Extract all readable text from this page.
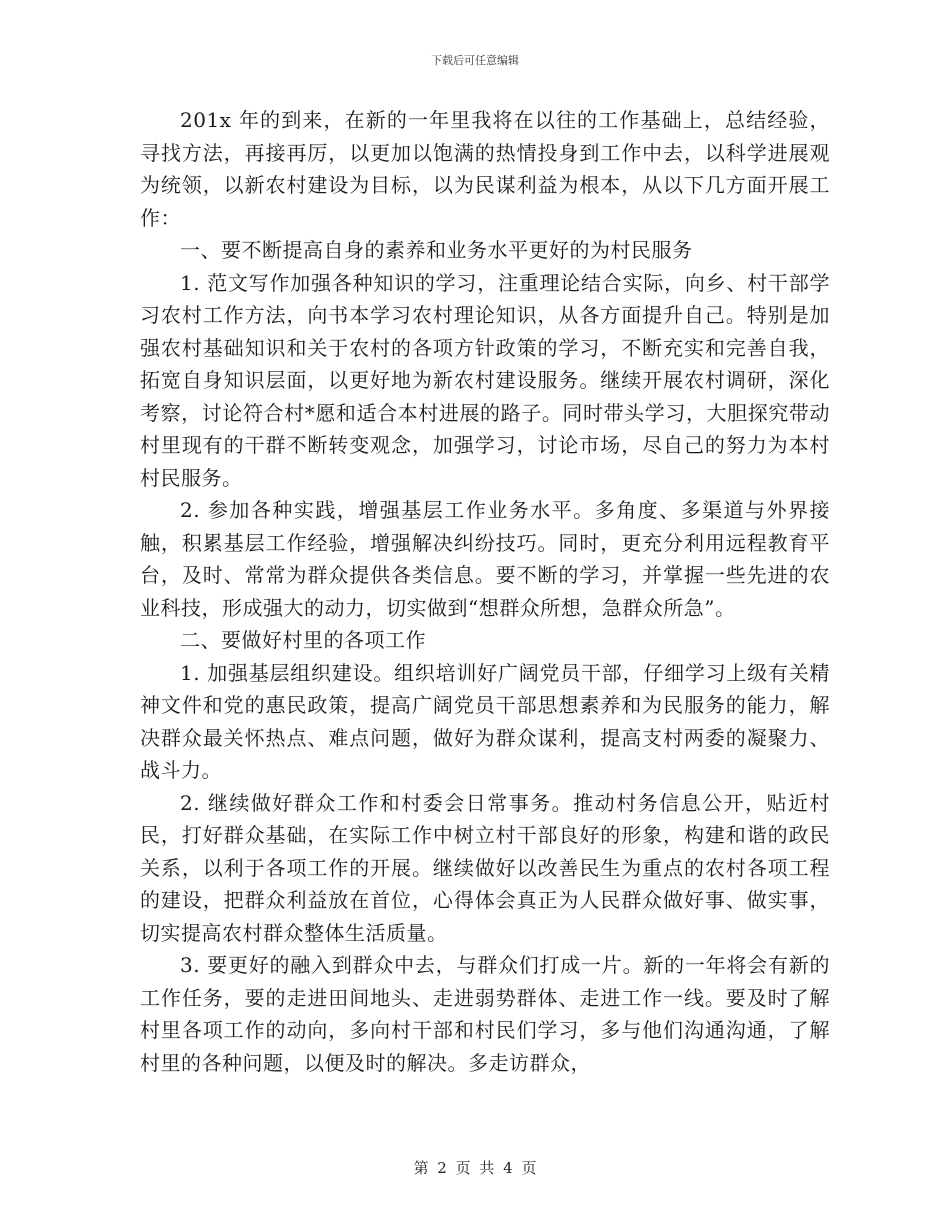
下载后可任意编辑

201x 年的到来，在新的一年里我将在以往的工作基础上，总结经验，寻找方法，再接再厉，以更加以饱满的热情投身到工作中去，以科学进展观为统领，以新农村建设为目标，以为民谋利益为根本，从以下几方面开展工作：

一、要不断提高自身的素养和业务水平更好的为村民服务

1. 范文写作加强各种知识的学习，注重理论结合实际，向乡、村干部学习农村工作方法，向书本学习农村理论知识，从各方面提升自己。特别是加强农村基础知识和关于农村的各项方针政策的学习，不断充实和完善自我，拓宽自身知识层面，以更好地为新农村建设服务。继续开展农村调研，深化考察，讨论符合村*愿和适合本村进展的路子。同时带头学习，大胆探究带动村里现有的干群不断转变观念，加强学习，讨论市场，尽自己的努力为本村村民服务。

2. 参加各种实践，增强基层工作业务水平。多角度、多渠道与外界接触，积累基层工作经验，增强解决纠纷技巧。同时，更充分利用远程教育平台，及时、常常为群众提供各类信息。要不断的学习，并掌握一些先进的农业科技，形成强大的动力，切实做到“想群众所想，急群众所急”。

二、要做好村里的各项工作

1. 加强基层组织建设。组织培训好广阔党员干部，仔细学习上级有关精神文件和党的惠民政策，提高广阔党员干部思想素养和为民服务的能力，解决群众最关怀热点、难点问题，做好为群众谋利，提高支村两委的凝聚力、战斗力。

2. 继续做好群众工作和村委会日常事务。推动村务信息公开，贴近村民，打好群众基础，在实际工作中树立村干部良好的形象，构建和谐的政民关系，以利于各项工作的开展。继续做好以改善民生为重点的农村各项工程的建设，把群众利益放在首位，心得体会真正为人民群众做好事、做实事，切实提高农村群众整体生活质量。

3. 要更好的融入到群众中去，与群众们打成一片。新的一年将会有新的工作任务，要的走进田间地头、走进弱势群体、走进工作一线。要及时了解村里各项工作的动向，多向村干部和村民们学习，多与他们沟通沟通，了解村里的各种问题，以便及时的解决。多走访群众，

第 2 页 共 4 页
